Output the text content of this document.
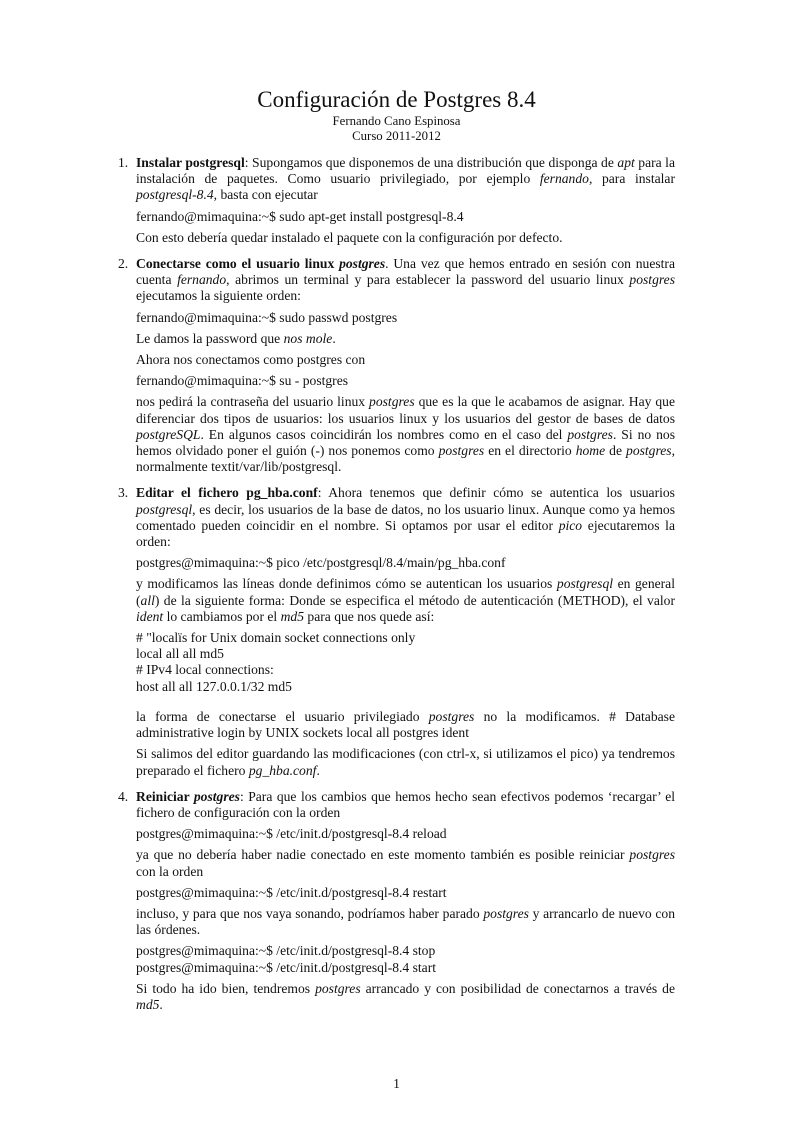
Configuración de Postgres 8.4
Fernando Cano Espinosa
Curso 2011-2012
1. Instalar postgresql: Supongamos que disponemos de una distribución que disponga de apt para la instalación de paquetes. Como usuario privilegiado, por ejemplo fernando, para instalar postgresql-8.4, basta con ejecutar

fernando@mimaquina:~$ sudo apt-get install postgresql-8.4

Con esto debería quedar instalado el paquete con la configuración por defecto.

2. Conectarse como el usuario linux postgres. Una vez que hemos entrado en sesión con nuestra cuenta fernando, abrimos un terminal y para establecer la password del usuario linux postgres ejecutamos la siguiente orden:

fernando@mimaquina:~$ sudo passwd postgres

Le damos la password que nos mole.

Ahora nos conectamos como postgres con

fernando@mimaquina:~$ su - postgres

nos pedirá la contraseña del usuario linux postgres que es la que le acabamos de asignar. Hay que diferenciar dos tipos de usuarios: los usuarios linux y los usuarios del gestor de bases de datos postgreSQL. En algunos casos coincidirán los nombres como en el caso del postgres. Si no nos hemos olvidado poner el guión (-) nos ponemos como postgres en el directorio home de postgres, normalmente textit/var/lib/postgresql.

3. Editar el fichero pg_hba.conf: Ahora tenemos que definir cómo se autentica los usuarios postgresql, es decir, los usuarios de la base de datos, no los usuario linux. Aunque como ya hemos comentado pueden coincidir en el nombre. Si optamos por usar el editor pico ejecutaremos la orden:

postgres@mimaquina:~$ pico /etc/postgresql/8.4/main/pg_hba.conf

y modificamos las líneas donde definimos cómo se autentican los usuarios postgresql en general (all) de la siguiente forma: Donde se especifica el método de autenticación (METHOD), el valor ident lo cambiamos por el md5 para que nos quede así:

# "localïs for Unix domain socket connections only
local all all md5
# IPv4 local connections:
host all all 127.0.0.1/32 md5

la forma de conectarse el usuario privilegiado postgres no la modificamos. # Database administrative login by UNIX sockets local all postgres ident

Si salimos del editor guardando las modificaciones (con ctrl-x, si utilizamos el pico) ya tendremos preparado el fichero pg_hba.conf.

4. Reiniciar postgres: Para que los cambios que hemos hecho sean efectivos podemos ‘recargar’ el fichero de configuración con la orden

postgres@mimaquina:~$ /etc/init.d/postgresql-8.4 reload

ya que no debería haber nadie conectado en este momento también es posible reiniciar postgres con la orden

postgres@mimaquina:~$ /etc/init.d/postgresql-8.4 restart

incluso, y para que nos vaya sonando, podríamos haber parado postgres y arrancarlo de nuevo con las órdenes.

postgres@mimaquina:~$ /etc/init.d/postgresql-8.4 stop
postgres@mimaquina:~$ /etc/init.d/postgresql-8.4 start

Si todo ha ido bien, tendremos postgres arrancado y con posibilidad de conectarnos a través de md5.

1
